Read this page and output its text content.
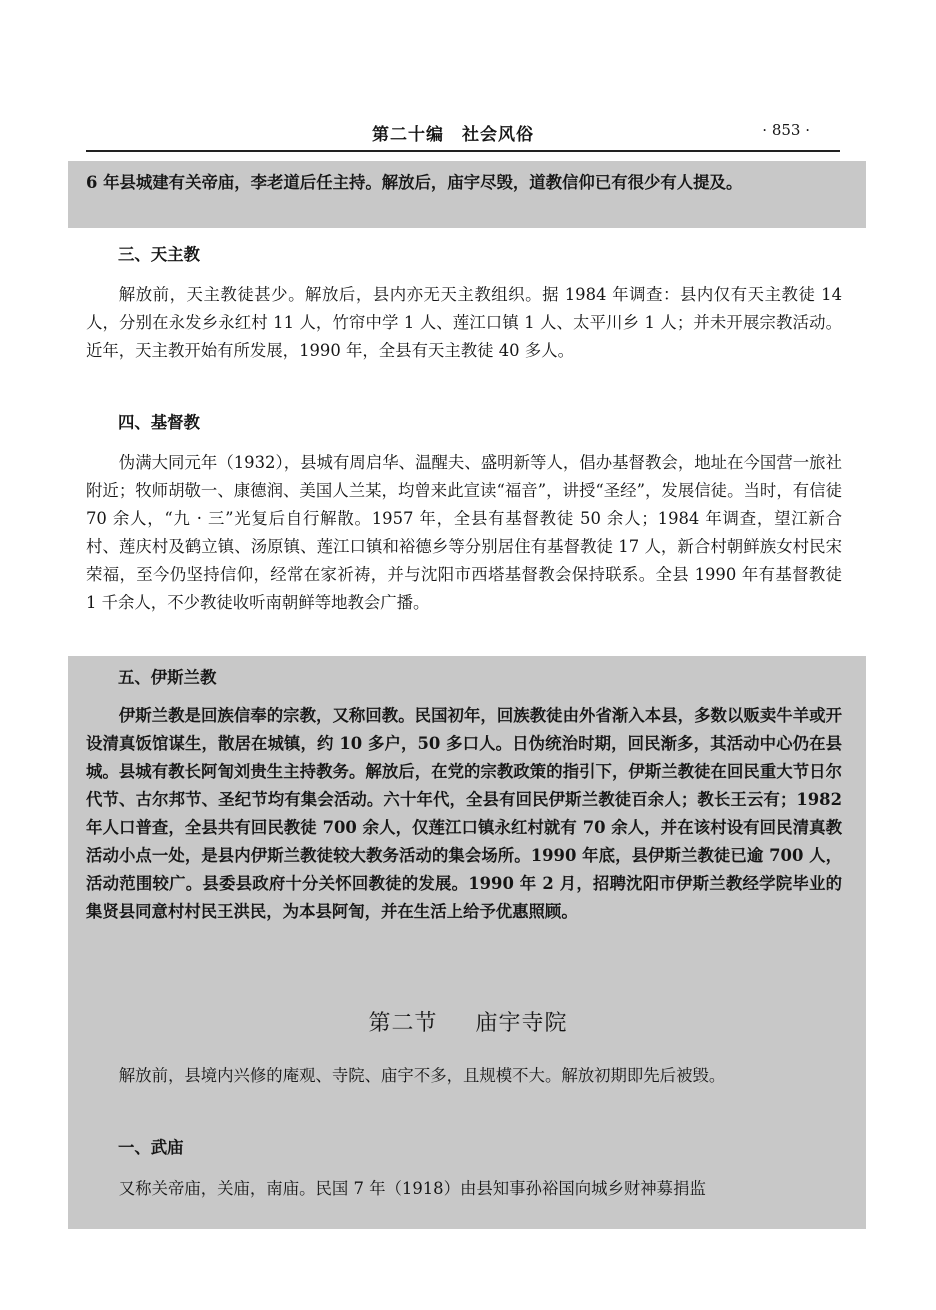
第二十编　社会风俗	· 853 ·

6 年县城建有关帝庙，李老道后任主持。解放后，庙宇尽毁，道教信仰已有很少有人提及。

三、天主教

解放前，天主教徒甚少。解放后，县内亦无天主教组织。据 1984 年调查：县内仅有天主教徒 14 人，分别在永发乡永红村 11 人，竹帘中学 1 人、莲江口镇 1 人、太平川乡 1 人；并未开展宗教活动。近年，天主教开始有所发展，1990 年，全县有天主教徒 40 多人。

四、基督教

伪满大同元年（1932），县城有周启华、温醒夫、盛明新等人，倡办基督教会，地址在今国营一旅社附近；牧师胡敬一、康德润、美国人兰某，均曾来此宣读“福音”，讲授“圣经”，发展信徒。当时，有信徒 70 余人，“九 · 三”光复后自行解散。1957 年，全县有基督教徒 50 余人；1984 年调查，望江新合村、莲庆村及鹤立镇、汤原镇、莲江口镇和裕德乡等分别居住有基督教徒 17 人，新合村朝鲜族女村民宋荣福，至今仍坚持信仰，经常在家祈祷，并与沈阳市西塔基督教会保持联系。全县 1990 年有基督教徒 1 千余人，不少教徒收听南朝鲜等地教会广播。

五、伊斯兰教

伊斯兰教是回族信奉的宗教，又称回教。民国初年，回族教徒由外省渐入本县，多数以贩卖牛羊或开设清真饭馆谋生，散居在城镇，约 10 多户，50 多口人。日伪统治时期，回民渐多，其活动中心仍在县城。县城有教长阿訇刘贵生主持教务。解放后，在党的宗教政策的指引下，伊斯兰教徒在回民重大节日尔代节、古尔邦节、圣纪节均有集会活动。六十年代，全县有回民伊斯兰教徒百余人；教长王云有；1982 年人口普查，全县共有回民教徒 700 余人，仅莲江口镇永红村就有 70 余人，并在该村设有回民清真教活动小点一处，是县内伊斯兰教徒较大教务活动的集会场所。1990 年底，县伊斯兰教徒已逾 700 人，活动范围较广。县委县政府十分关怀回教徒的发展。1990 年 2 月，招聘沈阳市伊斯兰教经学院毕业的集贤县同意村村民王洪民，为本县阿訇，并在生活上给予优惠照顾。

第二节 庙宇寺院

解放前，县境内兴修的庵观、寺院、庙宇不多，且规模不大。解放初期即先后被毁。

一、武庙

又称关帝庙，关庙，南庙。民国 7 年（1918）由县知事孙裕国向城乡财神募捐监
